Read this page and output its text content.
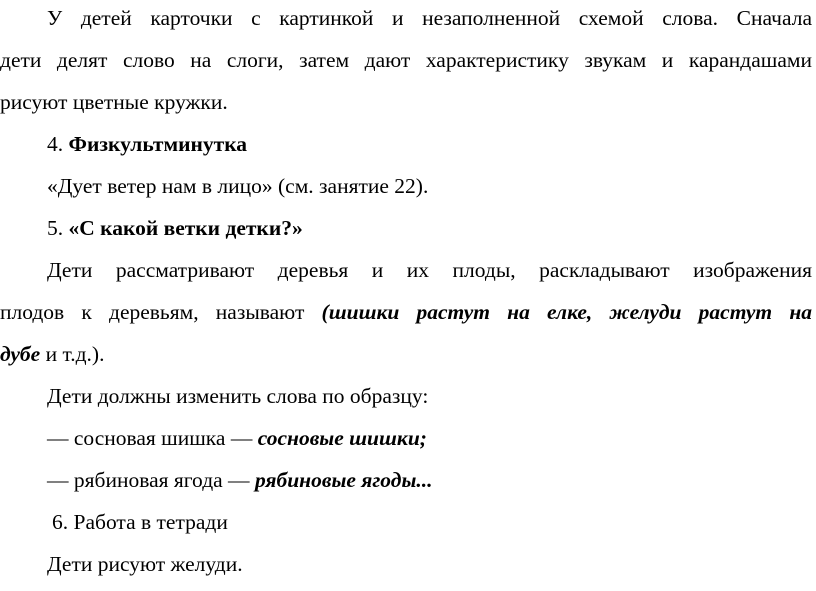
У детей карточки с картинкой и незаполненной схемой слова. Сначала
дети делят слово на слоги, затем дают характеристику звукам и карандашами
рисуют цветные кружки.
4. Физкультминутка
«Дует ветер нам в лицо» (см. занятие 22).
5. «С какой ветки детки?»
Дети рассматривают деревья и их плоды, раскладывают изображения
плодов к деревьям, называют (шишки растут на елке, желуди растут на
дубе и т.д.).
Дети должны изменить слова по образцу:
— сосновая шишка — сосновые шишки;
— рябиновая ягода — рябиновые ягоды...
6. Работа в тетради
Дети рисуют желуди.
